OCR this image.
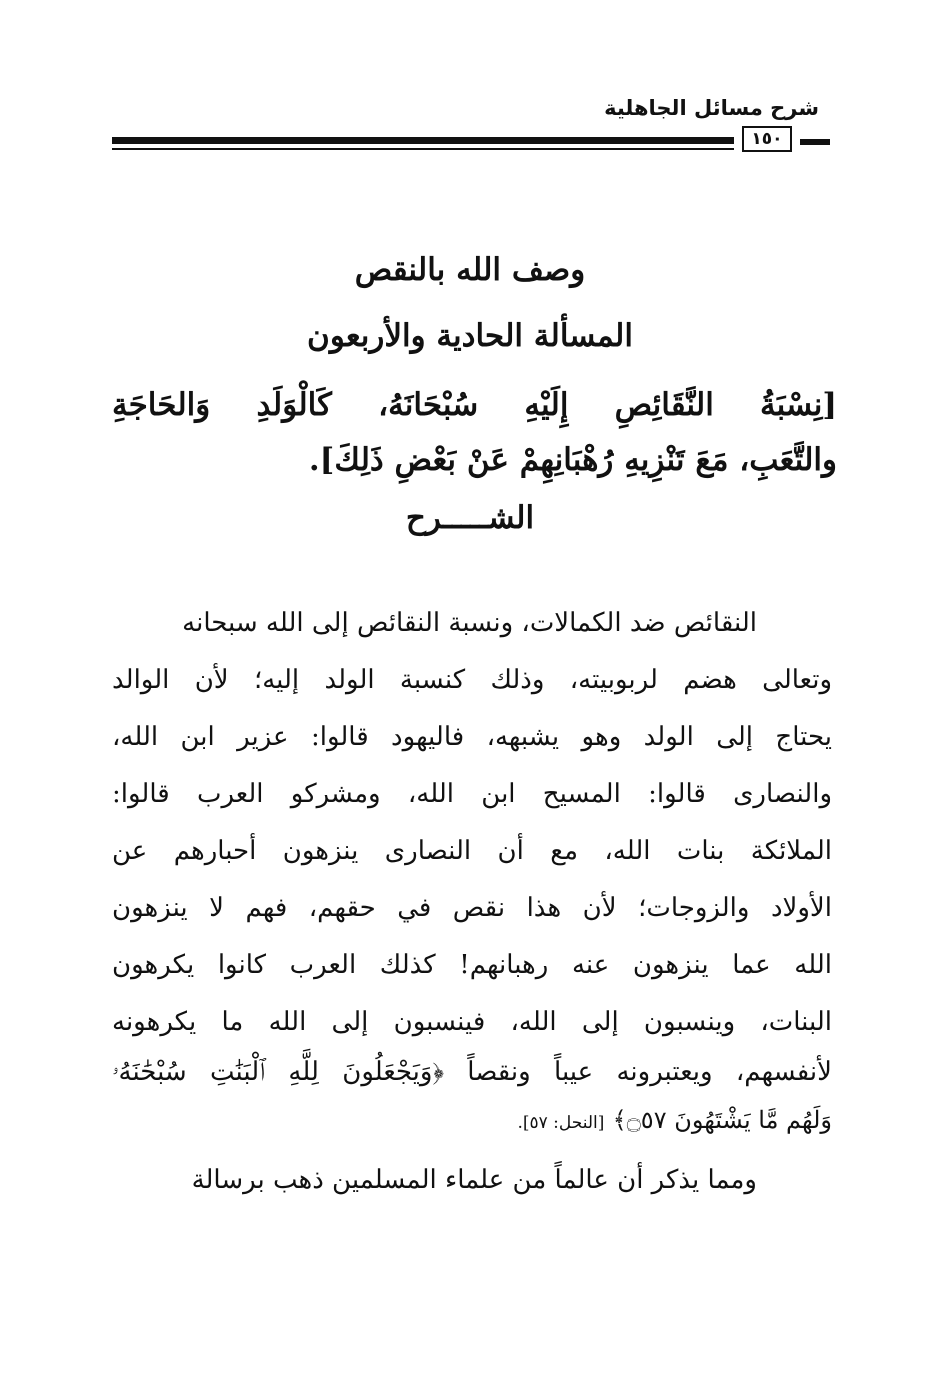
شرح مسائل الجاهلية
١٥٠
وصف الله بالنقص
المسألة الحادية والأربعون
[نِسْبَةُ النَّقَائِصِ إِلَيْهِ سُبْحَانَهُ، كَالْوَلَدِ وَالحَاجَةِ
والتَّعَبِ، مَعَ تَنْزِيهِ رُهْبَانِهِمْ عَنْ بَعْضِ ذَلِكَ].
الشـــــرح
النقائص ضد الكمالات، ونسبة النقائص إلى الله سبحانه
وتعالى هضم لربوبيته، وذلك كنسبة الولد إليه؛ لأن الوالد
يحتاج إلى الولد وهو يشبهه، فاليهود قالوا: عزير ابن الله،
والنصارى قالوا: المسيح ابن الله، ومشركو العرب قالوا:
الملائكة بنات الله، مع أن النصارى ينزهون أحبارهم عن
الأولاد والزوجات؛ لأن هذا نقص في حقهم، فهم لا ينزهون
الله عما ينزهون عنه رهبانهم! كذلك العرب كانوا يكرهون
البنات، وينسبون إلى الله، فينسبون إلى الله ما يكرهونه
لأنفسهم، ويعتبرونه عيباً ونقصاً ﴿وَيَجْعَلُونَ لِلَّهِ ٱلْبَنَٰتِ سُبْحَٰنَهُۥ
وَلَهُم مَّا يَشْتَهُونَ ۝٥٧﴾ [النحل: ٥٧].
ومما يذكر أن عالماً من علماء المسلمين ذهب برسالة
